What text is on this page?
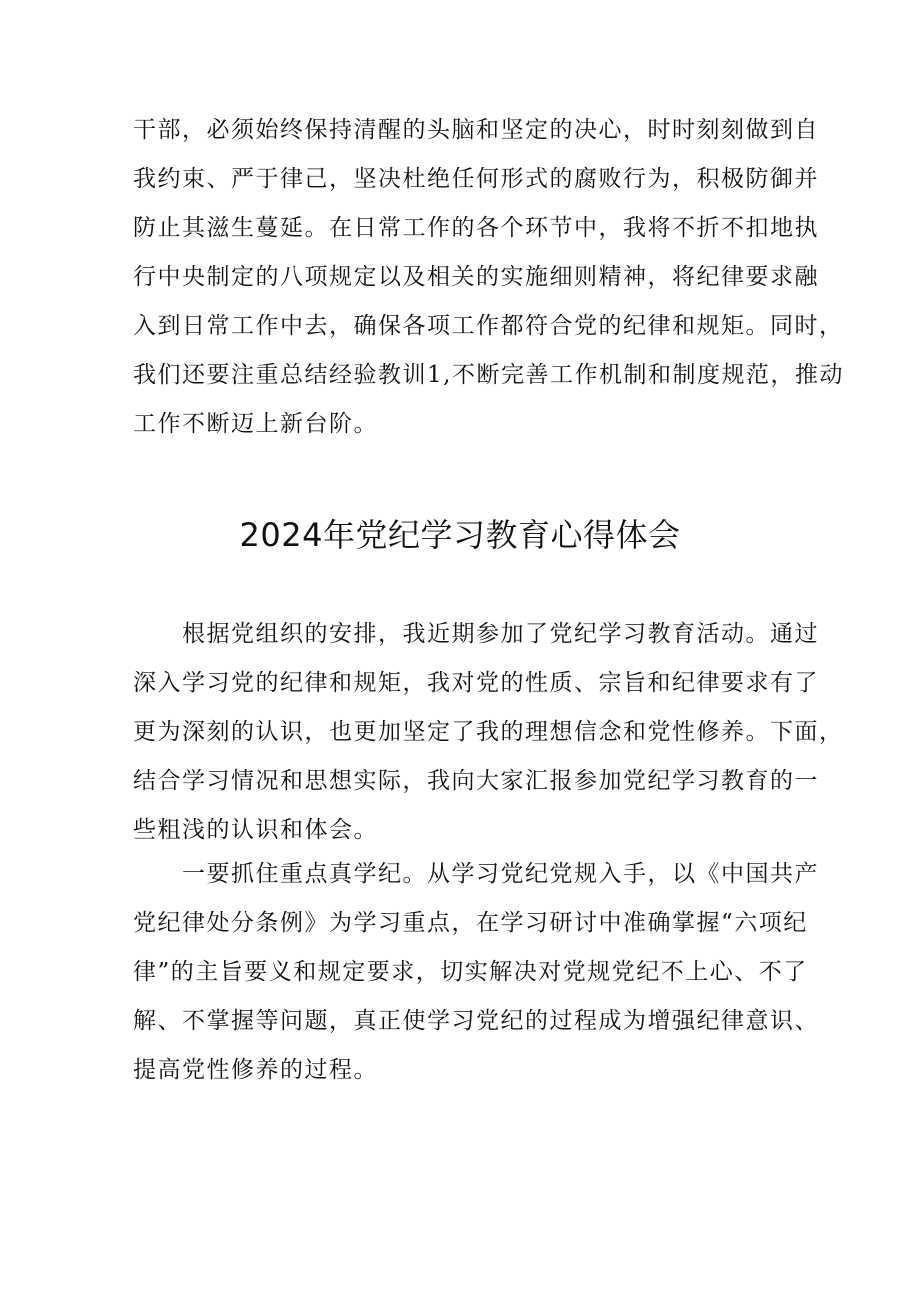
干部，必须始终保持清醒的头脑和坚定的决心，时时刻刻做到自
我约束、严于律己，坚决杜绝任何形式的腐败行为，积极防御并
防止其滋生蔓延。在日常工作的各个环节中，我将不折不扣地执
行中央制定的八项规定以及相关的实施细则精神，将纪律要求融
入到日常工作中去，确保各项工作都符合党的纪律和规矩。同时，
我们还要注重总结经验教训1,不断完善工作机制和制度规范，推动
工作不断迈上新台阶。
2024年党纪学习教育心得体会
　　根据党组织的安排，我近期参加了党纪学习教育活动。通过
深入学习党的纪律和规矩，我对党的性质、宗旨和纪律要求有了
更为深刻的认识，也更加坚定了我的理想信念和党性修养。下面，
结合学习情况和思想实际，我向大家汇报参加党纪学习教育的一
些粗浅的认识和体会。
　　一要抓住重点真学纪。从学习党纪党规入手，以《中国共产
党纪律处分条例》为学习重点，在学习研讨中准确掌握“六项纪
律”的主旨要义和规定要求，切实解决对党规党纪不上心、不了
解、不掌握等问题，真正使学习党纪的过程成为增强纪律意识、
提高党性修养的过程。
